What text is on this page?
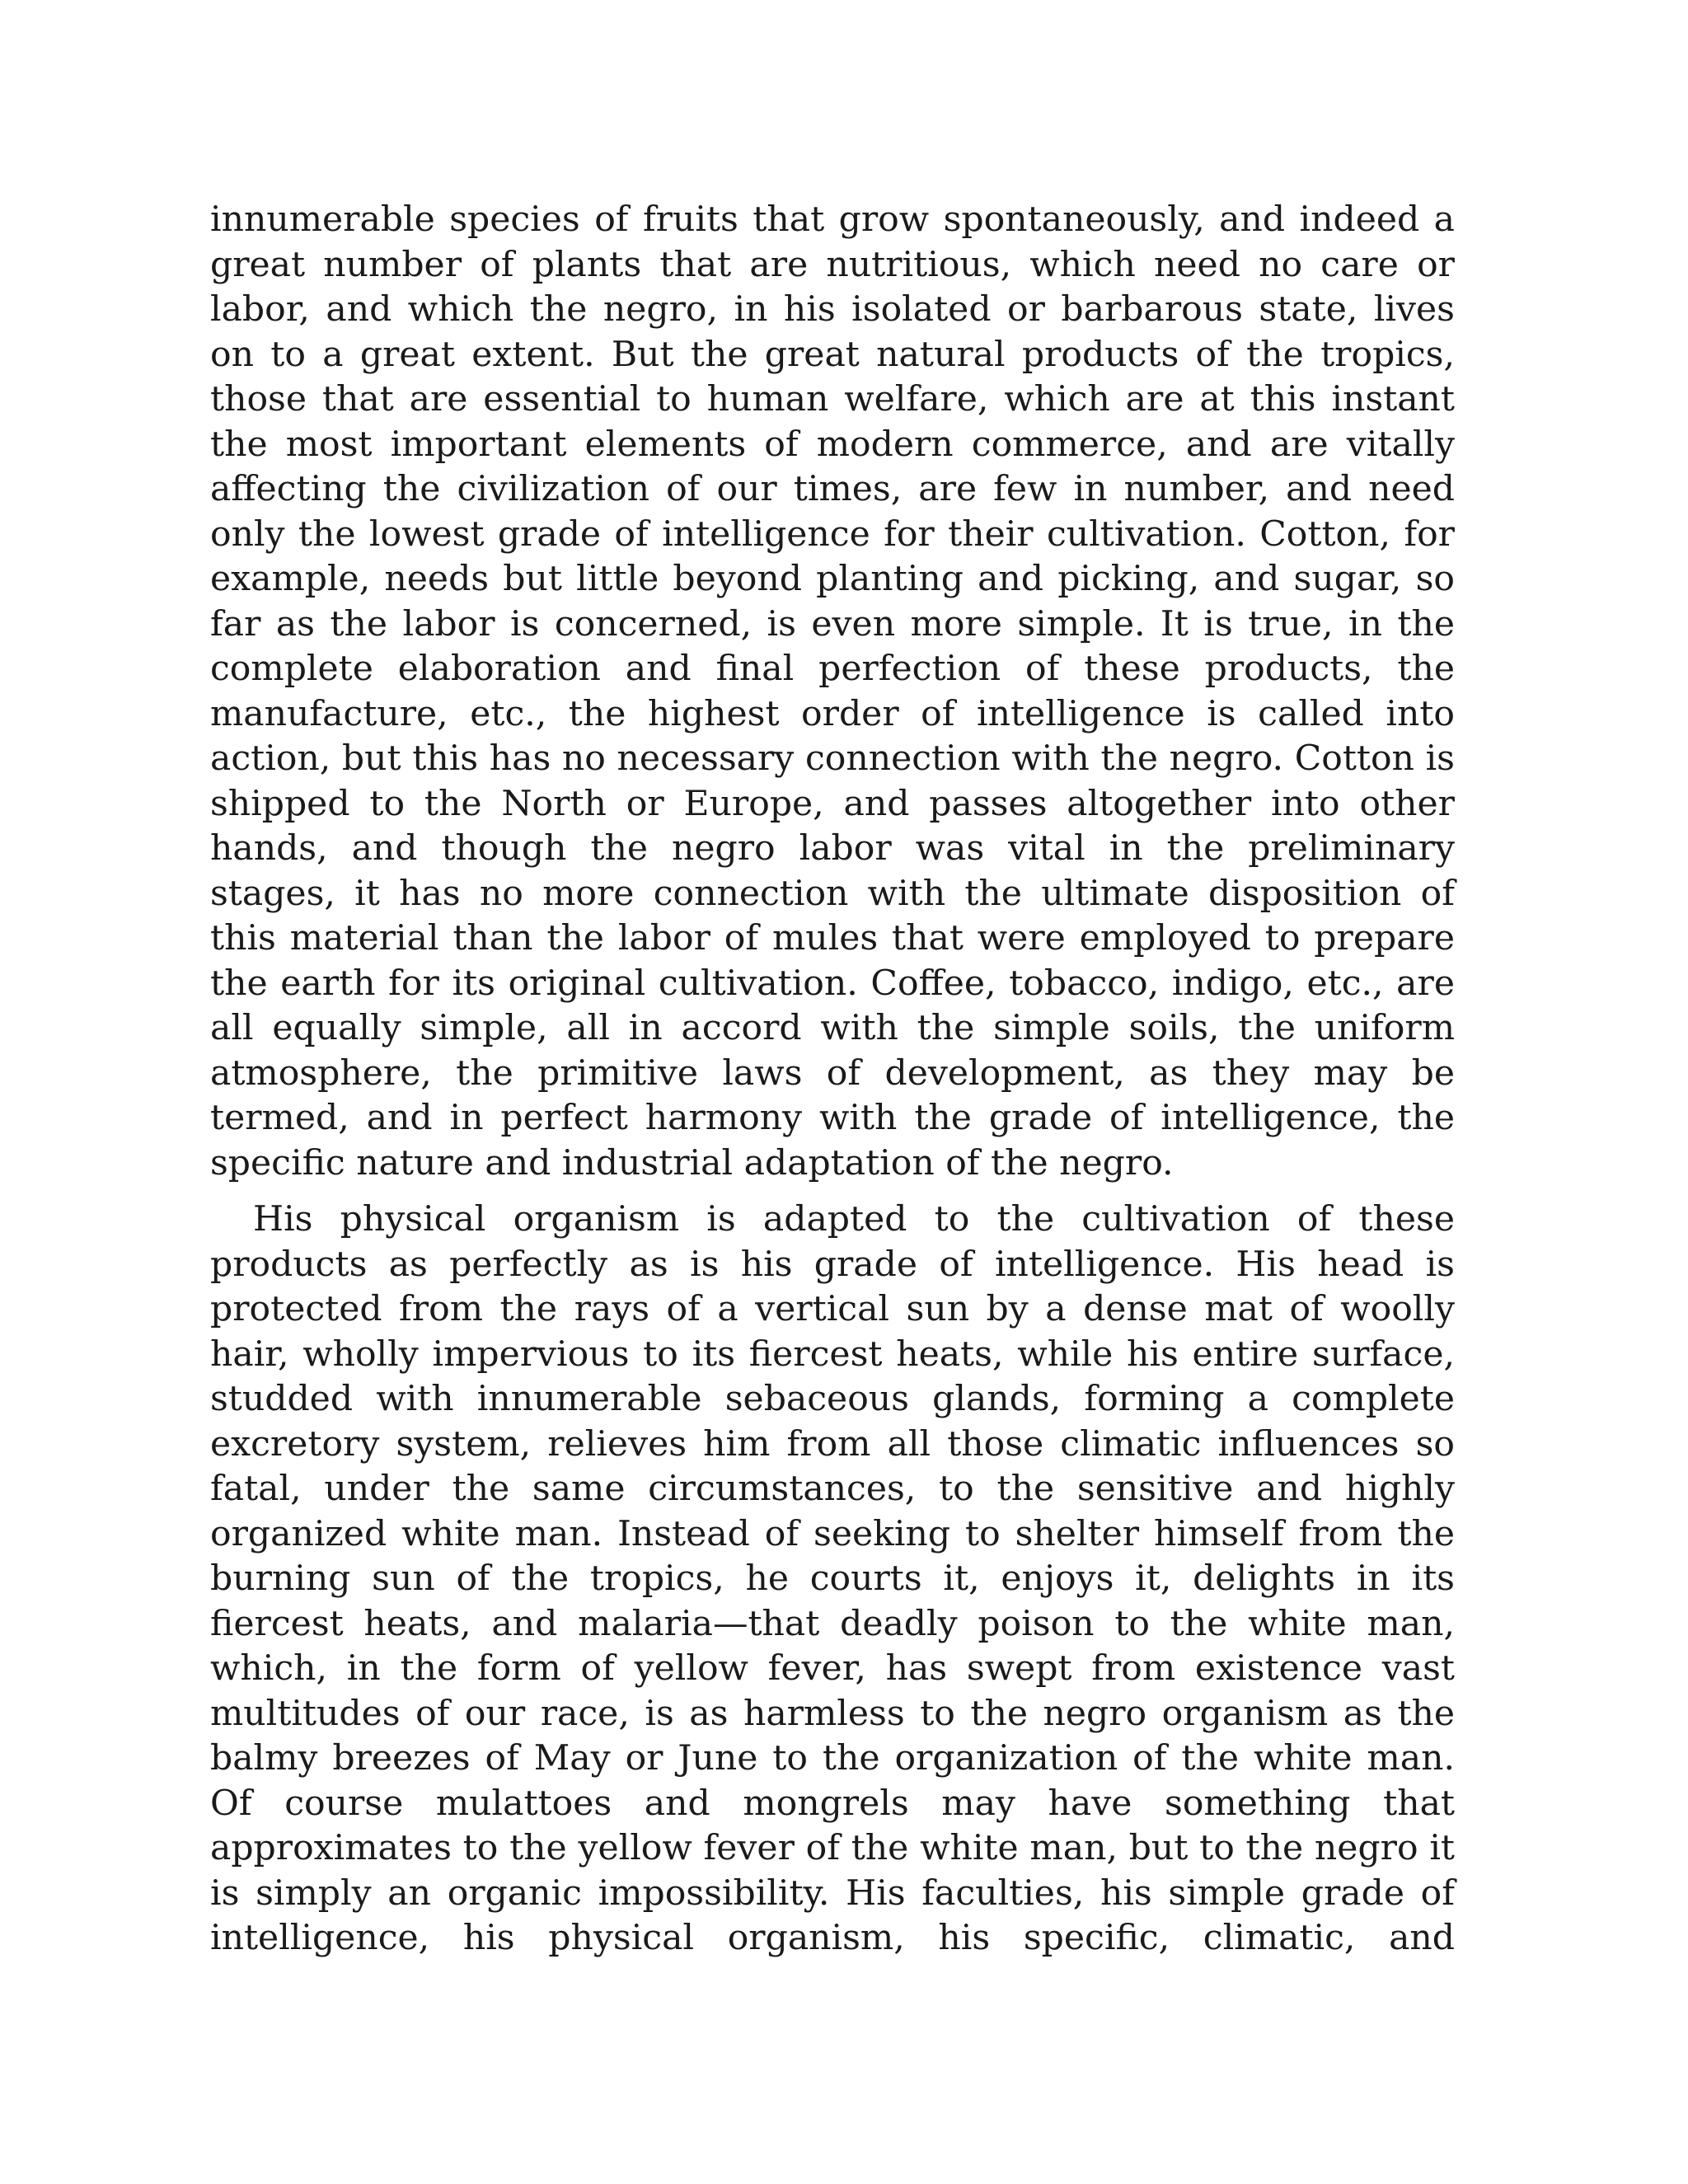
innumerable species of fruits that grow spontaneously, and indeed a
great number of plants that are nutritious, which need no care or
labor, and which the negro, in his isolated or barbarous state, lives
on to a great extent. But the great natural products of the tropics,
those that are essential to human welfare, which are at this instant
the most important elements of modern commerce, and are vitally
affecting the civilization of our times, are few in number, and need
only the lowest grade of intelligence for their cultivation. Cotton, for
example, needs but little beyond planting and picking, and sugar, so
far as the labor is concerned, is even more simple. It is true, in the
complete elaboration and final perfection of these products, the
manufacture, etc., the highest order of intelligence is called into
action, but this has no necessary connection with the negro. Cotton is
shipped to the North or Europe, and passes altogether into other
hands, and though the negro labor was vital in the preliminary
stages, it has no more connection with the ultimate disposition of
this material than the labor of mules that were employed to prepare
the earth for its original cultivation. Coffee, tobacco, indigo, etc., are
all equally simple, all in accord with the simple soils, the uniform
atmosphere, the primitive laws of development, as they may be
termed, and in perfect harmony with the grade of intelligence, the
specific nature and industrial adaptation of the negro.
His physical organism is adapted to the cultivation of these
products as perfectly as is his grade of intelligence. His head is
protected from the rays of a vertical sun by a dense mat of woolly
hair, wholly impervious to its fiercest heats, while his entire surface,
studded with innumerable sebaceous glands, forming a complete
excretory system, relieves him from all those climatic influences so
fatal, under the same circumstances, to the sensitive and highly
organized white man. Instead of seeking to shelter himself from the
burning sun of the tropics, he courts it, enjoys it, delights in its
fiercest heats, and malaria—that deadly poison to the white man,
which, in the form of yellow fever, has swept from existence vast
multitudes of our race, is as harmless to the negro organism as the
balmy breezes of May or June to the organization of the white man.
Of course mulattoes and mongrels may have something that
approximates to the yellow fever of the white man, but to the negro it
is simply an organic impossibility. His faculties, his simple grade of
intelligence, his physical organism, his specific, climatic, and
